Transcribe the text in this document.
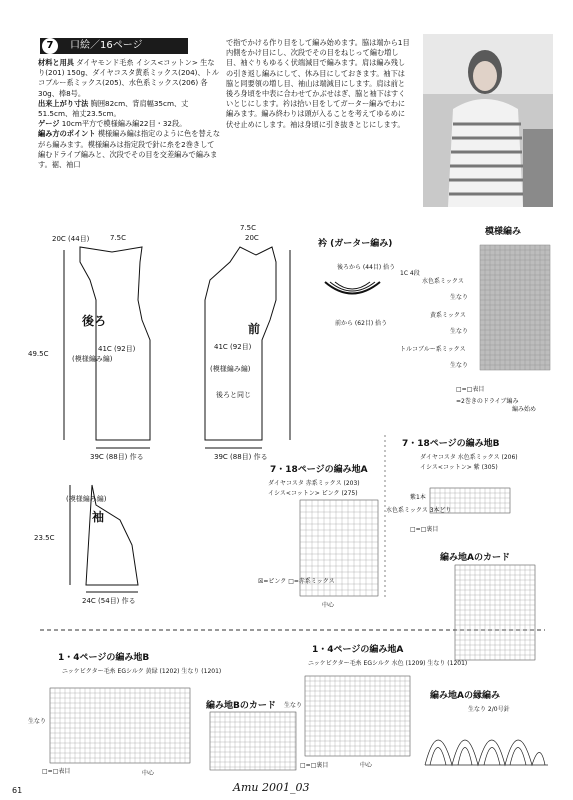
7	口絵／16ページ

材料と用具 ダイヤモンド毛糸 イシス<コットン> 生なり(201) 150g、ダイヤコスタ黄系ミックス(204)、トルコブルー系ミックス(205)、水色系ミックス(206) 各30g、棒8号。

出来上がり寸法 胸囲82cm、背肩幅35cm、丈51.5cm、袖丈23.5cm。

ゲージ 10cm平方で模様編み編22目・32段。

編み方のポイント 模様編み編は指定のように色を替えながら編みます。模様編みは指定段で針に糸を2巻きして編むドライブ編みと、次段でその目を交差編みで編みます。裾、袖口

で指でかける作り目をして編み始めます。脇は端から1目内側をかけ目にし、次段でその目をねじって編む増し目、袖ぐりもゆるく伏端減目で編みます。肩は編み残しの引き返し編みにして、休み目にしておきます。袖下は脇と同要領の増し目、袖山は端減目にします。肩は前と後ろ身頃を中表に合わせてかぶせはぎ、脇と袖下はすくいとじにします。衿は拾い目をしてガーター編みでわに編みます。編み終わりは頭が入ることを考えてゆるめに伏せ止めにします。袖は身頃に引き抜きとじにします。
後ろ
(模様編み編)
7.5C
20C (44目)
41C (92目)
49.5C
39C (88目) 作る
前
(模様編み編)
7.5C
20C
41C (92目)
39C (88目) 作る
後ろと同じ
衿 (ガーター編み)
後ろから (44目) 拾う
前から (62目) 拾う
1C 4段
模様編み
水色系ミックス
生なり
黄系ミックス
生なり
トルコブルー系ミックス
生なり
□=□表目
=2巻きのドライブ編み
編み始め
袖
(模様編み編)
24C (54目) 作る
23.5C
7・18ページの編み地A
ダイヤコスタ 赤系ミックス (203)
イシス<コットン> ピンク (275)
☒=ピンク □=赤系ミックス
中心
7・18ページの編み地B
ダイヤコスタ 水色系ミックス (206)
イシス<コットン> 紫 (305)
紫1本
水色系ミックス 3本どり
□=□裏目
編み地Aのカード
1・4ページの編み地B
ニッケビクター毛糸 EGシルク 黄緑 (1202) 生なり (1201)
生なり
□=□表目	中心
編み地Bのカード
1・4ページの編み地A
ニッケビクター毛糸 EGシルク 水色 (1209) 生なり (1201)
生なり
□=□裏目	中心
編み地Aの縁編み
生なり 2/0号針
61	Amu 2001_03
